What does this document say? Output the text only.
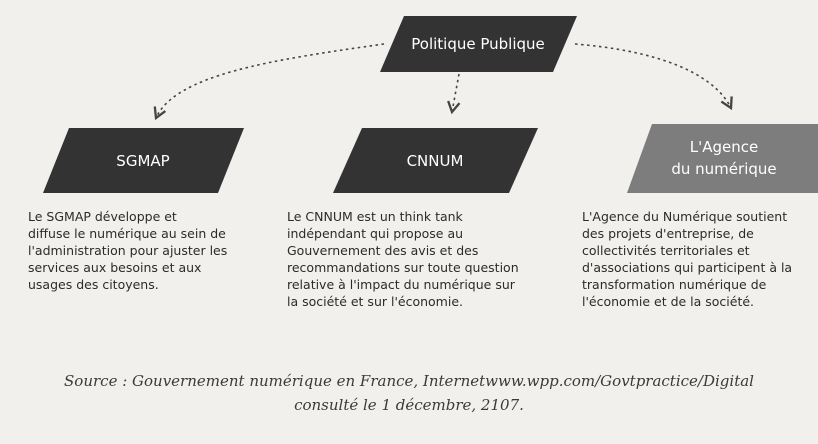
Politique Publique
SGMAP	CNNUM
L'Agence
du numérique
Le SGMAP développe et
diffuse le numérique au sein de
l'administration pour ajuster les
services aux besoins et aux
usages des citoyens.
Le CNNUM est un think tank
indépendant qui propose au
Gouvernement des avis et des
recommandations sur toute question
relative à l'impact du numérique sur
la société et sur l'économie.
L'Agence du Numérique soutient
des projets d'entreprise, de
collectivités territoriales et
d'associations qui participent à la
transformation numérique de
l'économie et de la société.
Source : Gouvernement numérique en France, Internetwww.wpp.com/Govtpractice/Digital
consulté le 1 décembre, 2107.
